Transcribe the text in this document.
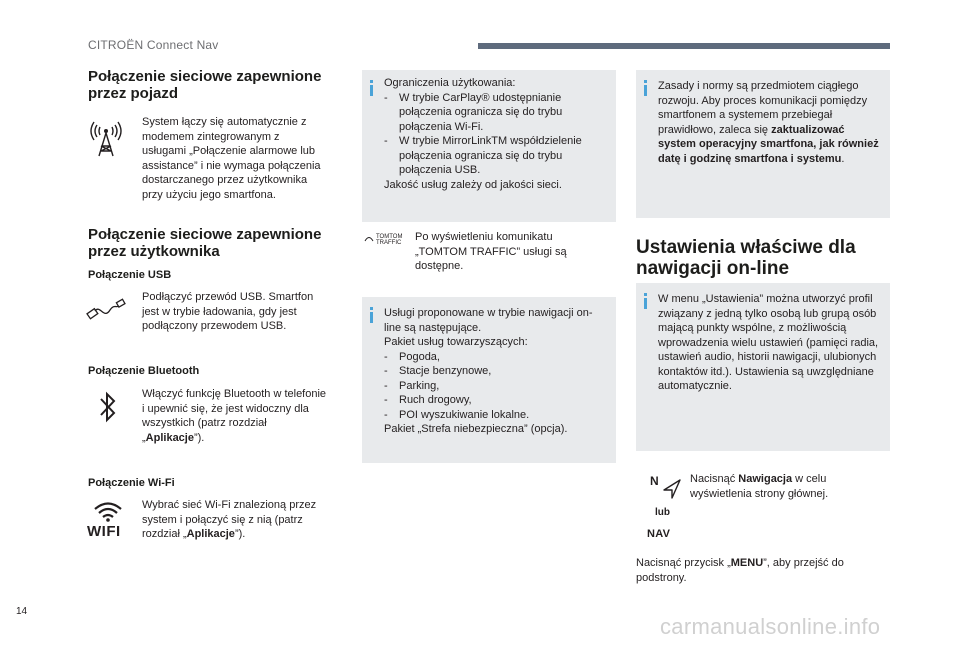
CITROËN Connect Nav
Połączenie sieciowe zapewnione przez pojazd
System łączy się automatycznie z modemem zintegrowanym z usługami „Połączenie alarmowe lub assistance” i nie wymaga połączenia dostarczanego przez użytkownika przy użyciu jego smartfona.
Połączenie sieciowe zapewnione przez użytkownika
Połączenie USB
Podłączyć przewód USB. Smartfon jest w trybie ładowania, gdy jest podłączony przewodem USB.
Połączenie Bluetooth
Włączyć funkcję Bluetooth w telefonie i upewnić się, że jest widoczny dla wszystkich (patrz rozdział „Aplikacje”).
Połączenie Wi-Fi
WIFI
Wybrać sieć Wi-Fi znalezioną przez system i połączyć się z nią (patrz rozdział „Aplikacje”).
Ograniczenia użytkowania:
-	W trybie CarPlay® udostępnianie połączenia ogranicza się do trybu połączenia Wi-Fi.
-	W trybie MirrorLinkTM współdzielenie połączenia ogranicza się do trybu połączenia USB.
Jakość usług zależy od jakości sieci.
TOMTOM TRAFFIC	Po wyświetleniu komunikatu „TOMTOM TRAFFIC” usługi są dostępne.
Usługi proponowane w trybie nawigacji on-line są następujące.
Pakiet usług towarzyszących:
-	Pogoda,
-	Stacje benzynowe,
-	Parking,
-	Ruch drogowy,
-	POI wyszukiwanie lokalne.
Pakiet „Strefa niebezpieczna” (opcja).
Zasady i normy są przedmiotem ciągłego rozwoju. Aby proces komunikacji pomiędzy smartfonem a systemem przebiegał prawidłowo, zaleca się zaktualizować system operacyjny smartfona, jak również datę i godzinę smartfona i systemu.
Ustawienia właściwe dla nawigacji on-line
W menu „Ustawienia” można utworzyć profil związany z jedną tylko osobą lub grupą osób mającą punkty wspólne, z możliwością wprowadzenia wielu ustawień (pamięci radia, ustawień audio, historii nawigacji, ulubionych kontaktów itd.). Ustawienia są uwzględniane automatycznie.
N
lub
NAV
Nacisnąć Nawigacja w celu wyświetlenia strony głównej.
Nacisnąć przycisk „MENU”, aby przejść do podstrony.
14
carmanualsonline.info
